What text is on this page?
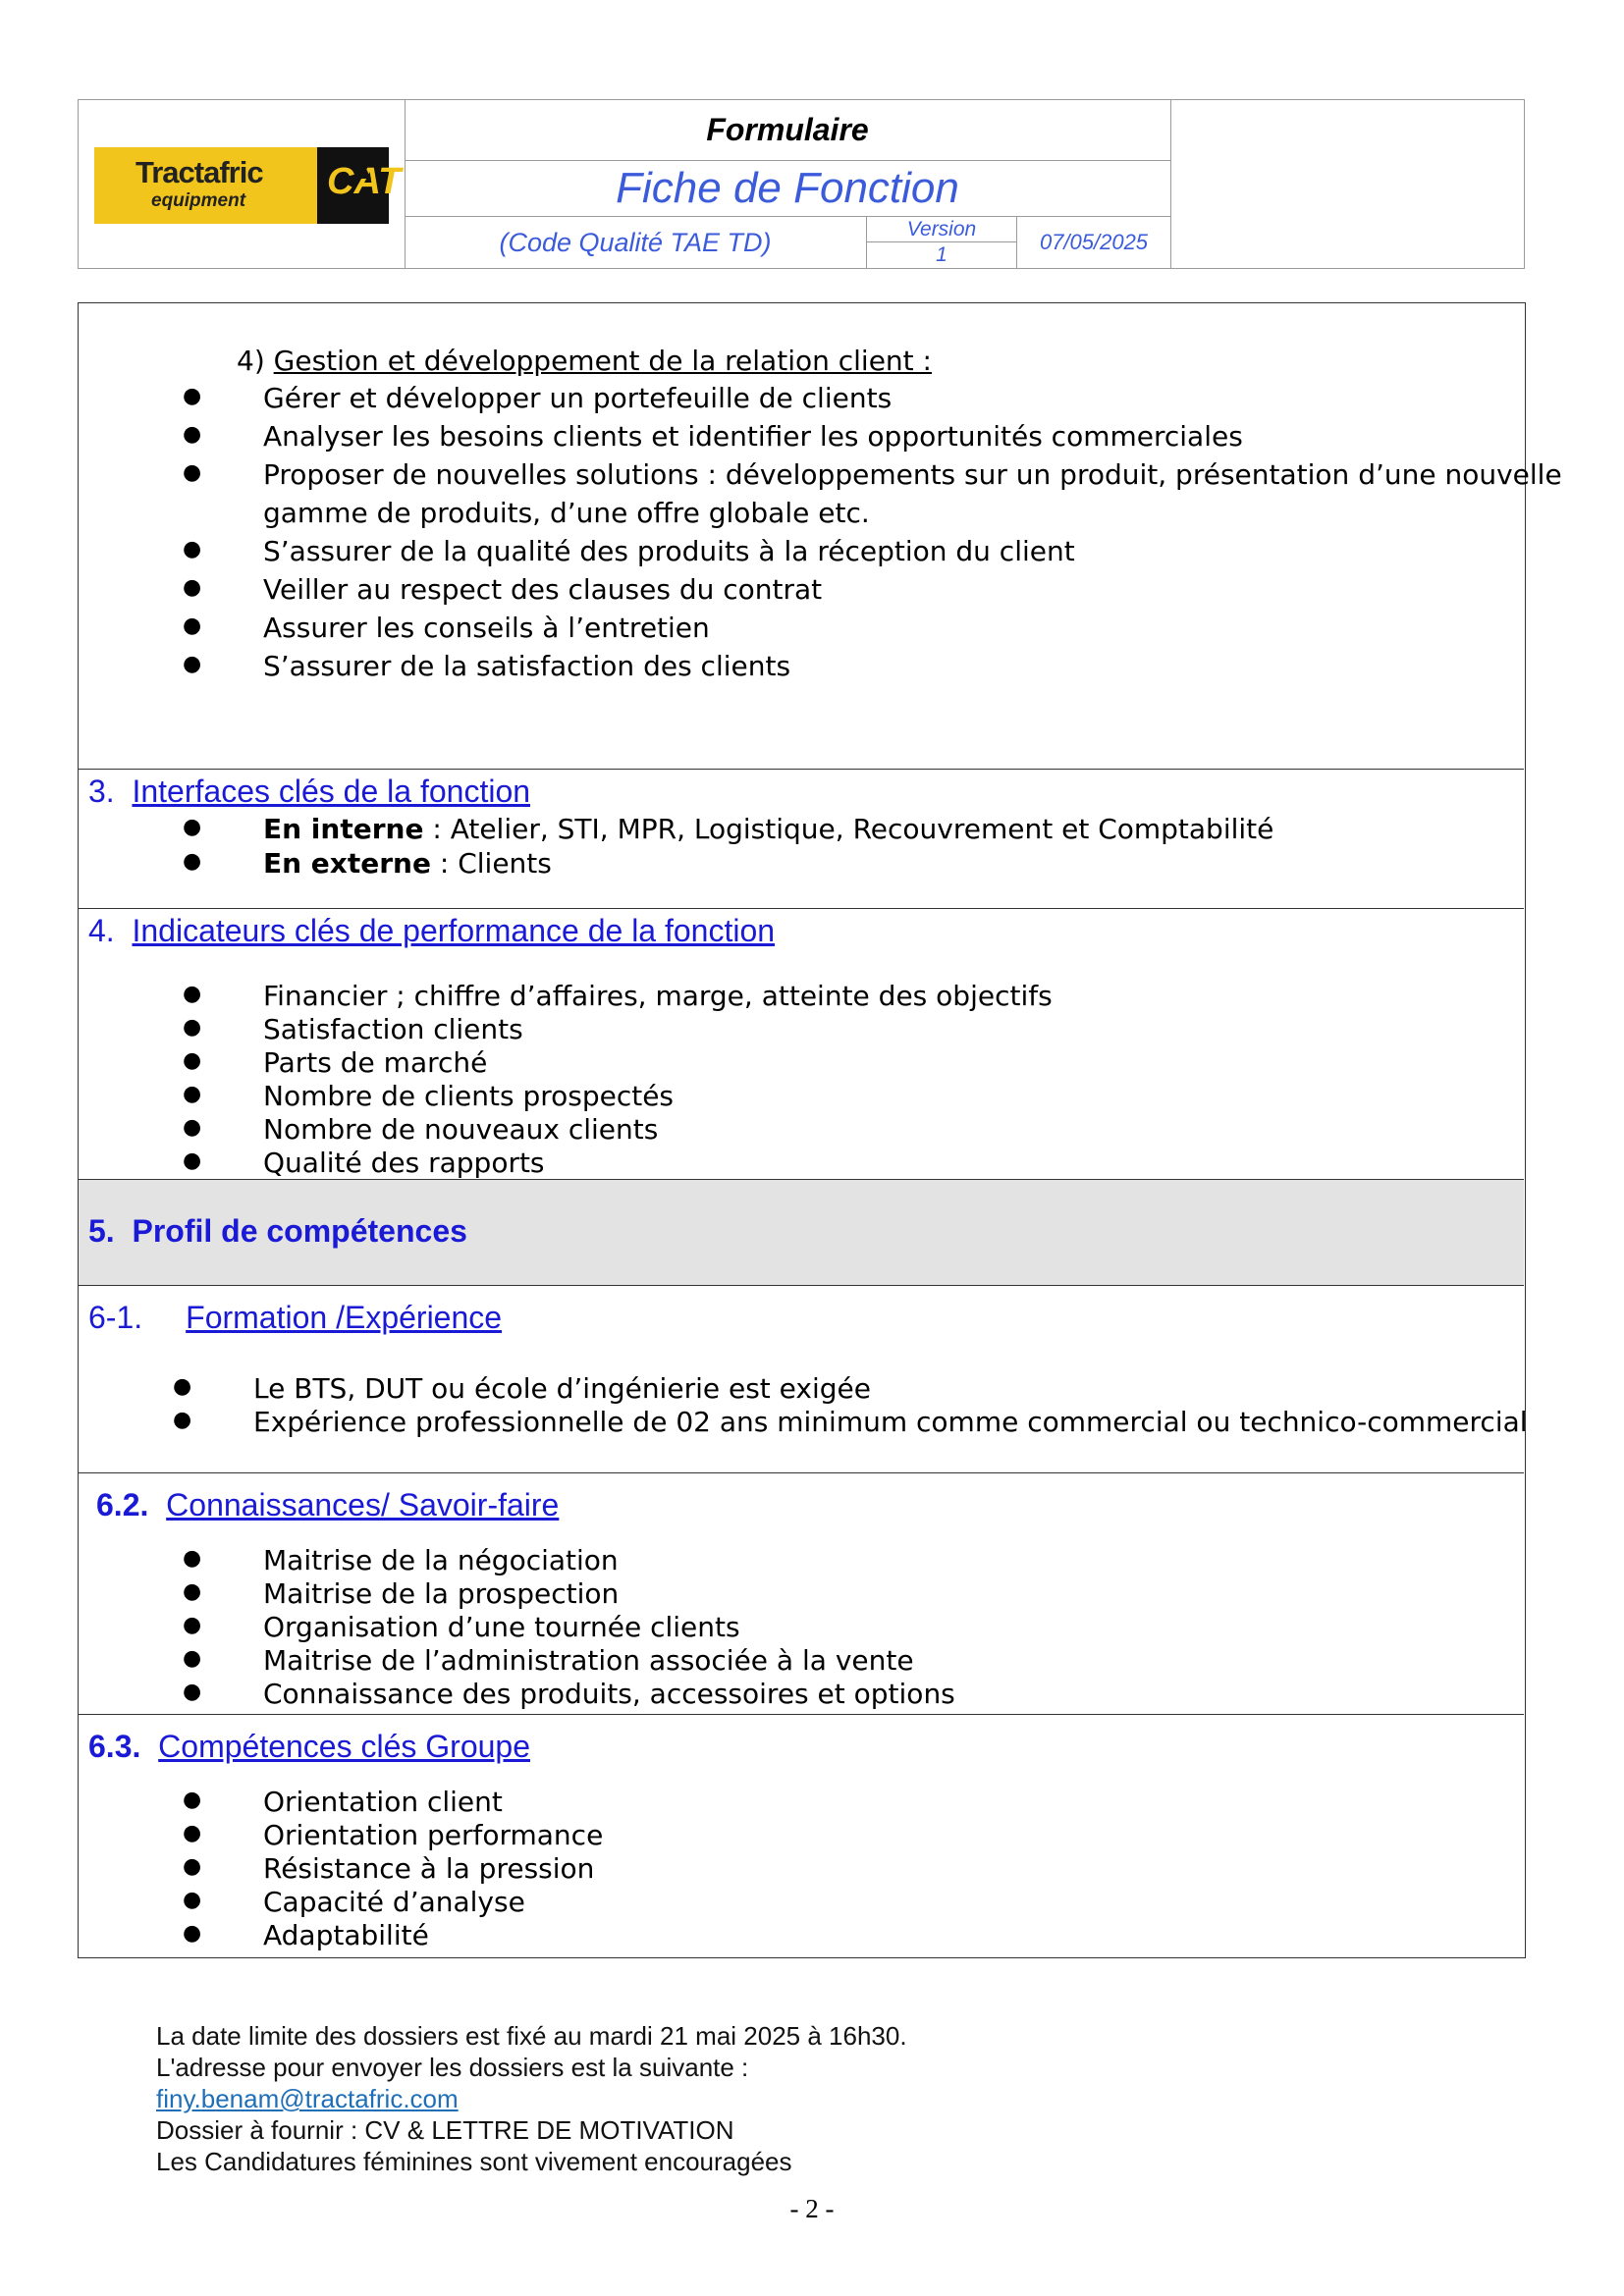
Tractafric
equipment CAT
Formulaire
Fiche de Fonction
(Code Qualité TAE TD)	Version
1
07/05/2025
4) Gestion et développement de la relation client :
● Gérer et développer un portefeuille de clients
● Analyser les besoins clients et identifier les opportunités commerciales
● Proposer de nouvelles solutions : développements sur un produit, présentation d’une nouvelle
gamme de produits, d’une offre globale etc.
● S’assurer de la qualité des produits à la réception du client
● Veiller au respect des clauses du contrat
● Assurer les conseils à l’entretien
● S’assurer de la satisfaction des clients
3. Interfaces clés de la fonction
● En interne : Atelier, STI, MPR, Logistique, Recouvrement et Comptabilité
● En externe : Clients
4. Indicateurs clés de performance de la fonction
● Financier ; chiffre d’affaires, marge, atteinte des objectifs
● Satisfaction clients
● Parts de marché
● Nombre de clients prospectés
● Nombre de nouveaux clients
● Qualité des rapports
5. Profil de compétences
6-1. Formation /Expérience
● Le BTS, DUT ou école d’ingénierie est exigée
● Expérience professionnelle de 02 ans minimum comme commercial ou technico-commercial
6.2. Connaissances/ Savoir-faire
● Maitrise de la négociation
● Maitrise de la prospection
● Organisation d’une tournée clients
● Maitrise de l’administration associée à la vente
● Connaissance des produits, accessoires et options
6.3. Compétences clés Groupe
● Orientation client
● Orientation performance
● Résistance à la pression
● Capacité d’analyse
● Adaptabilité
La date limite des dossiers est fixé au mardi 21 mai 2025 à 16h30.
L'adresse pour envoyer les dossiers est la suivante :
finy.benam@tractafric.com
Dossier à fournir : CV & LETTRE DE MOTIVATION
Les Candidatures féminines sont vivement encouragées
- 2 -
